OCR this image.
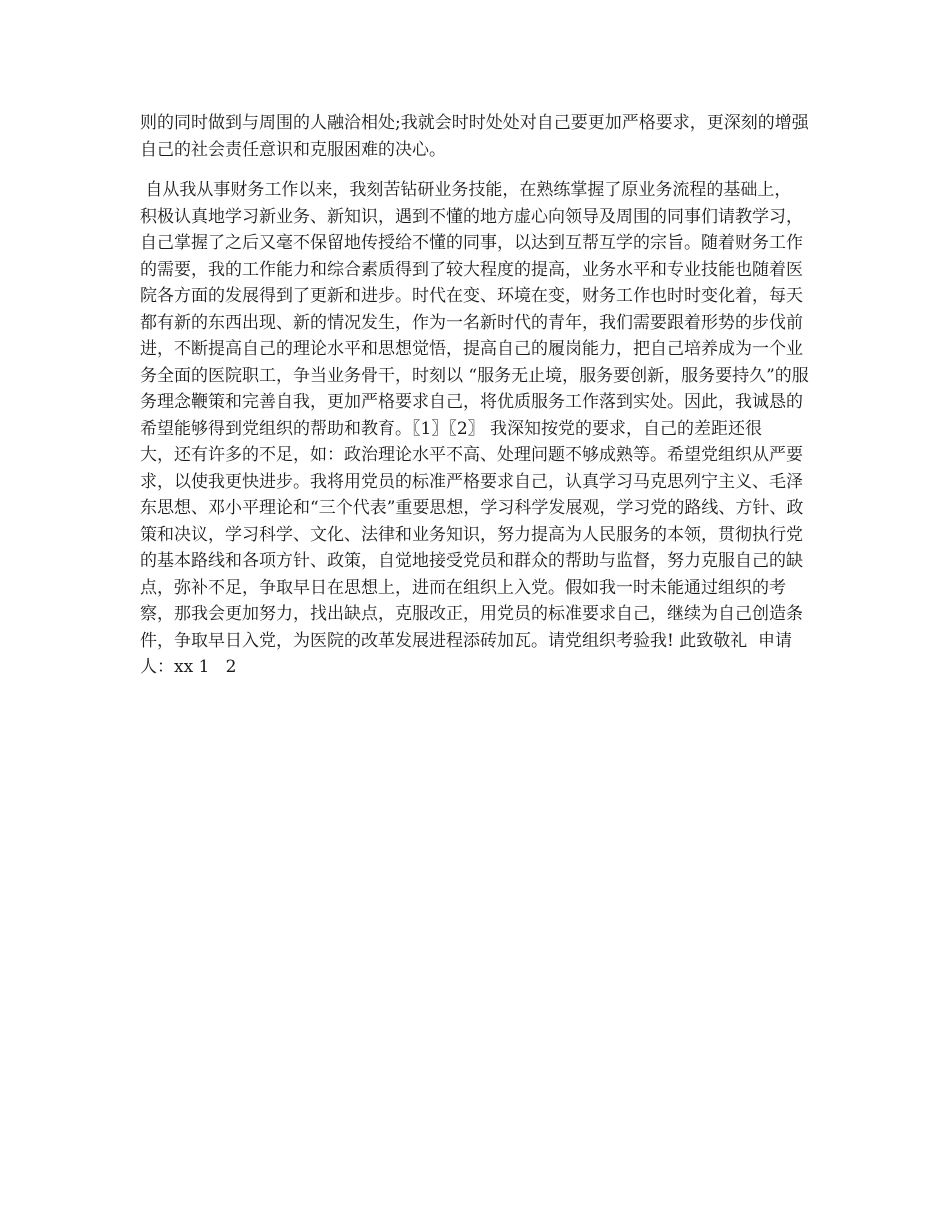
则的同时做到与周围的人融洽相处;我就会时时处处对自己要更加严格要求，更深刻的增强
自己的社会责任意识和克服困难的决心。
自从我从事财务工作以来，我刻苦钻研业务技能，在熟练掌握了原业务流程的基础上，
积极认真地学习新业务、新知识，遇到不懂的地方虚心向领导及周围的同事们请教学习，
自己掌握了之后又毫不保留地传授给不懂的同事，以达到互帮互学的宗旨。随着财务工作
的需要，我的工作能力和综合素质得到了较大程度的提高，业务水平和专业技能也随着医
院各方面的发展得到了更新和进步。时代在变、环境在变，财务工作也时时变化着，每天
都有新的东西出现、新的情况发生，作为一名新时代的青年，我们需要跟着形势的步伐前
进，不断提高自己的理论水平和思想觉悟，提高自己的履岗能力，把自己培养成为一个业
务全面的医院职工，争当业务骨干，时刻以 “服务无止境，服务要创新，服务要持久”的服
务理念鞭策和完善自我，更加严格要求自己，将优质服务工作落到实处。因此，我诚恳的
希望能够得到党组织的帮助和教育。〖1〗〖2〗 我深知按党的要求，自己的差距还很
大，还有许多的不足，如：政治理论水平不高、处理问题不够成熟等。希望党组织从严要
求，以使我更快进步。我将用党员的标准严格要求自己，认真学习马克思列宁主义、毛泽
东思想、邓小平理论和“三个代表”重要思想，学习科学发展观，学习党的路线、方针、政
策和决议，学习科学、文化、法律和业务知识，努力提高为人民服务的本领，贯彻执行党
的基本路线和各项方针、政策，自觉地接受党员和群众的帮助与监督，努力克服自己的缺
点，弥补不足，争取早日在思想上，进而在组织上入党。假如我一时未能通过组织的考
察，那我会更加努力，找出缺点，克服改正，用党员的标准要求自己，继续为自己创造条
件，争取早日入党，为医院的改革发展进程添砖加瓦。请党组织考验我! 此致敬礼  申请
人：xx 1   2
